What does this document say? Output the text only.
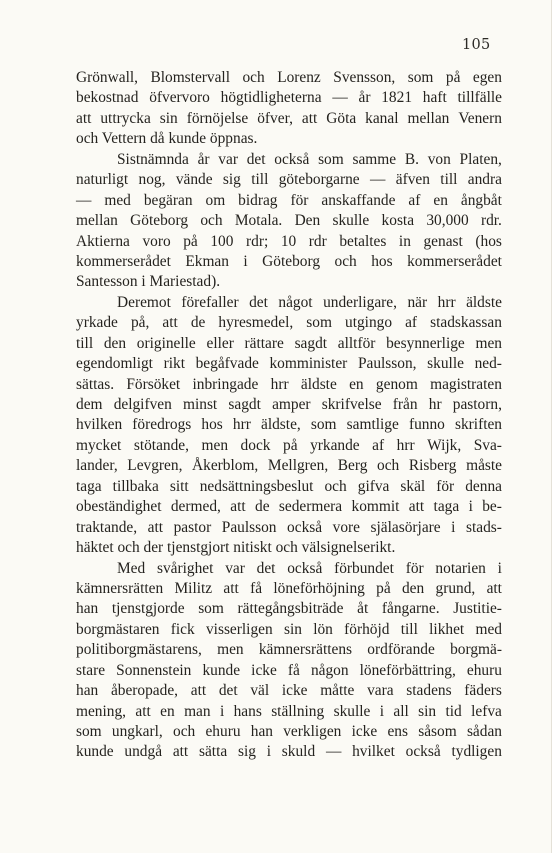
105
Grönwall, Blomstervall och Lorenz Svensson, som på egen
bekostnad öfvervoro högtidligheterna — år 1821 haft tillfälle
att uttrycka sin förnöjelse öfver, att Göta kanal mellan Venern
och Vettern då kunde öppnas.
Sistnämnda år var det också som samme B. von Platen,
naturligt nog, vände sig till göteborgarne — äfven till andra
— med begäran om bidrag för anskaffande af en ångbåt
mellan Göteborg och Motala. Den skulle kosta 30,000 rdr.
Aktierna voro på 100 rdr; 10 rdr betaltes in genast (hos
kommerserådet Ekman i Göteborg och hos kommerserådet
Santesson i Mariestad).
Deremot förefaller det något underligare, när hrr äldste
yrkade på, att de hyresmedel, som utgingo af stadskassan
till den originelle eller rättare sagdt alltför besynnerlige men
egendomligt rikt begåfvade komminister Paulsson, skulle ned-
sättas. Försöket inbringade hrr äldste en genom magistraten
dem delgifven minst sagdt amper skrifvelse från hr pastorn,
hvilken föredrogs hos hrr äldste, som samtlige funno skriften
mycket stötande, men dock på yrkande af hrr Wijk, Sva-
lander, Levgren, Åkerblom, Mellgren, Berg och Risberg måste
taga tillbaka sitt nedsättningsbeslut och gifva skäl för denna
obeständighet dermed, att de sedermera kommit att taga i be-
traktande, att pastor Paulsson också vore själasörjare i stads-
häktet och der tjenstgjort nitiskt och välsignelserikt.
Med svårighet var det också förbundet för notarien i
kämnersrätten Militz att få löneförhöjning på den grund, att
han tjenstgjorde som rättegångsbiträde åt fångarne. Justitie-
borgmästaren fick visserligen sin lön förhöjd till likhet med
politiborgmästarens, men kämnersrättens ordförande borgmä-
stare Sonnenstein kunde icke få någon löneförbättring, ehuru
han åberopade, att det väl icke måtte vara stadens fäders
mening, att en man i hans ställning skulle i all sin tid lefva
som ungkarl, och ehuru han verkligen icke ens såsom sådan
kunde undgå att sätta sig i skuld — hvilket också tydligen
